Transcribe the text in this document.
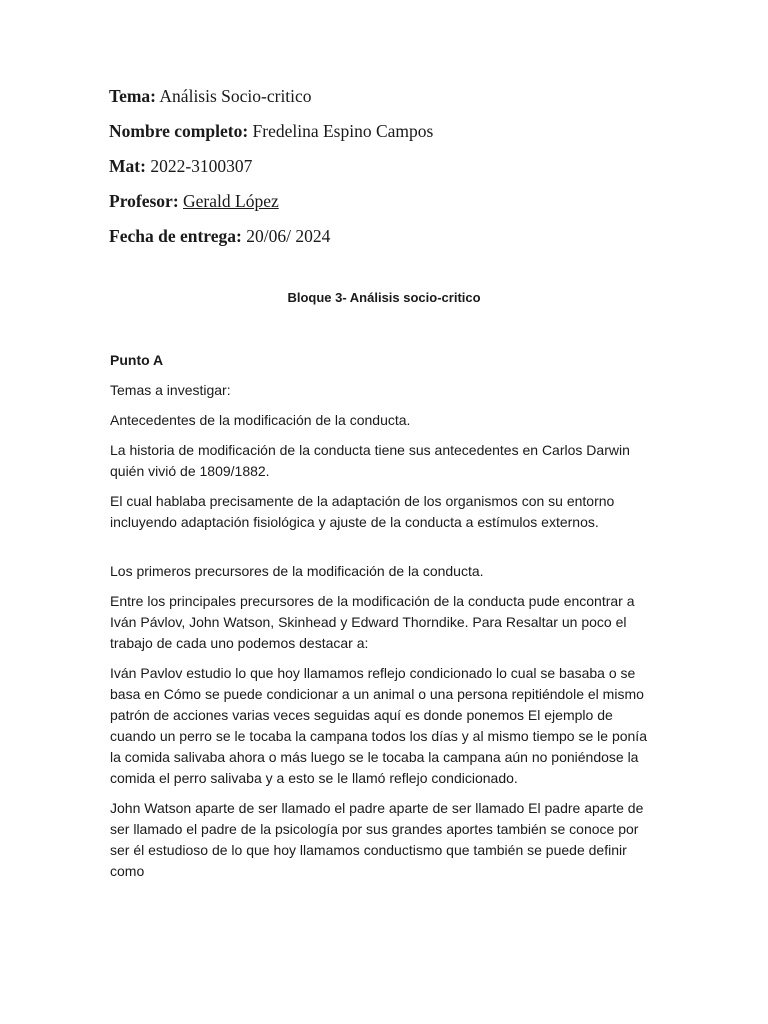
Tema: Análisis Socio-critico
Nombre completo: Fredelina Espino Campos
Mat: 2022-3100307
Profesor: Gerald López
Fecha de entrega: 20/06/ 2024
Bloque 3- Análisis socio-critico

Punto A

Temas a investigar:

Antecedentes de la modificación de la conducta.

La historia de modificación de la conducta tiene sus antecedentes en Carlos Darwin quién vivió de 1809/1882.

El cual hablaba precisamente de la adaptación de los organismos con su entorno incluyendo adaptación fisiológica y ajuste de la conducta a estímulos externos.

Los primeros precursores de la modificación de la conducta.

Entre los principales precursores de la modificación de la conducta pude encontrar a Iván Pávlov, John Watson, Skinhead y Edward Thorndike. Para Resaltar un poco el trabajo de cada uno podemos destacar a:

Iván Pavlov estudio lo que hoy llamamos reflejo condicionado lo cual se basaba o se basa en Cómo se puede condicionar a un animal o una persona repitiéndole el mismo patrón de acciones varias veces seguidas aquí es donde ponemos El ejemplo de cuando un perro se le tocaba la campana todos los días y al mismo tiempo se le ponía la comida salivaba ahora o más luego se le tocaba la campana aún no poniéndose la comida el perro salivaba y a esto se le llamó reflejo condicionado.

John Watson aparte de ser llamado el padre aparte de ser llamado El padre aparte de ser llamado el padre de la psicología por sus grandes aportes también se conoce por ser él estudioso de lo que hoy llamamos conductismo que también se puede definir como
